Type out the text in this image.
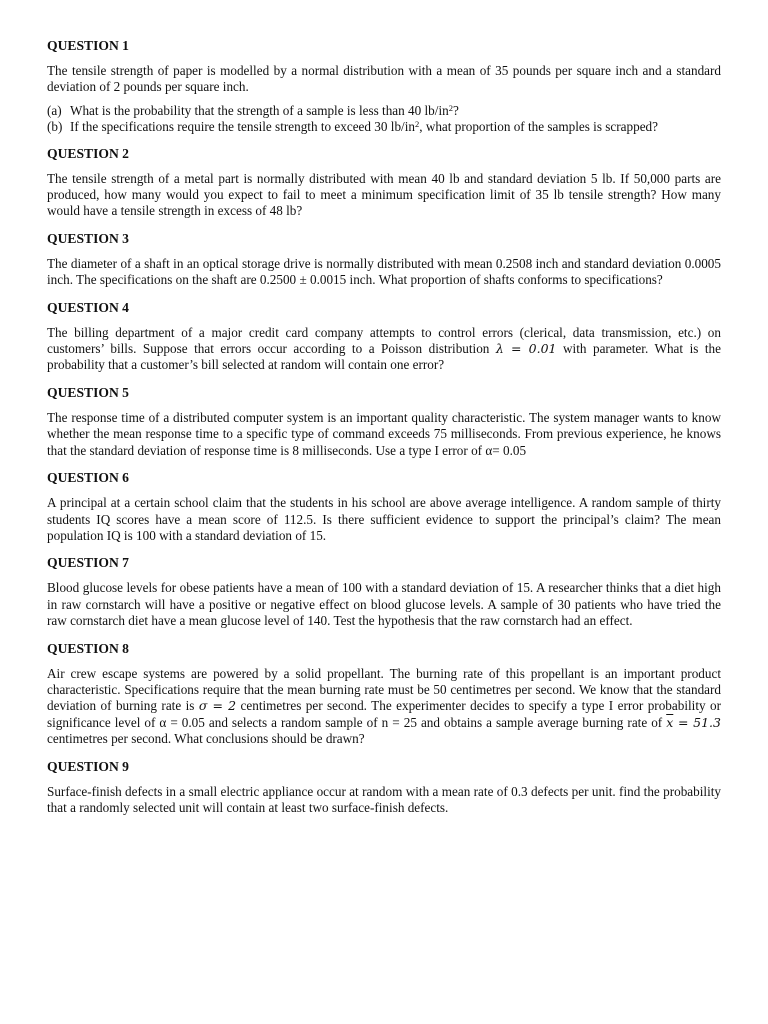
QUESTION 1
The tensile strength of paper is modelled by a normal distribution with a mean of 35 pounds per square inch and a standard deviation of 2 pounds per square inch.
(a) What is the probability that the strength of a sample is less than 40 $lb/in^2$?
(b) If the specifications require the tensile strength to exceed 30 $lb/in^2$, what proportion of the samples is scrapped?
QUESTION 2
The tensile strength of a metal part is normally distributed with mean 40 lb and standard deviation 5 lb. If 50,000 parts are produced, how many would you expect to fail to meet a minimum specification limit of 35 lb tensile strength? How many would have a tensile strength in excess of 48 lb?
QUESTION 3
The diameter of a shaft in an optical storage drive is normally distributed with mean 0.2508 inch and standard deviation 0.0005 inch. The specifications on the shaft are 0.2500 ± 0.0015 inch. What proportion of shafts conforms to specifications?
QUESTION 4
The billing department of a major credit card company attempts to control errors (clerical, data transmission, etc.) on customers’ bills. Suppose that errors occur according to a Poisson distribution λ = 0.01 with parameter. What is the probability that a customer’s bill selected at random will contain one error?
QUESTION 5
The response time of a distributed computer system is an important quality characteristic. The system manager wants to know whether the mean response time to a specific type of command exceeds 75 milliseconds. From previous experience, he knows that the standard deviation of response time is 8 milliseconds. Use a type I error of α= 0.05
QUESTION 6
A principal at a certain school claim that the students in his school are above average intelligence. A random sample of thirty students IQ scores have a mean score of 112.5. Is there sufficient evidence to support the principal’s claim? The mean population IQ is 100 with a standard deviation of 15.
QUESTION 7
Blood glucose levels for obese patients have a mean of 100 with a standard deviation of 15. A researcher thinks that a diet high in raw cornstarch will have a positive or negative effect on blood glucose levels. A sample of 30 patients who have tried the raw cornstarch diet have a mean glucose level of 140. Test the hypothesis that the raw cornstarch had an effect.
QUESTION 8
Air crew escape systems are powered by a solid propellant. The burning rate of this propellant is an important product characteristic. Specifications require that the mean burning rate must be 50 centimetres per second. We know that the standard deviation of burning rate is σ = 2 centimetres per second. The experimenter decides to specify a type I error probability or significance level of α = 0.05 and selects a random sample of n = 25 and obtains a sample average burning rate of $\overline{x} = 51.3$ centimetres per second. What conclusions should be drawn?
QUESTION 9
Surface-finish defects in a small electric appliance occur at random with a mean rate of 0.3 defects per unit. find the probability that a randomly selected unit will contain at least two surface-finish defects.
